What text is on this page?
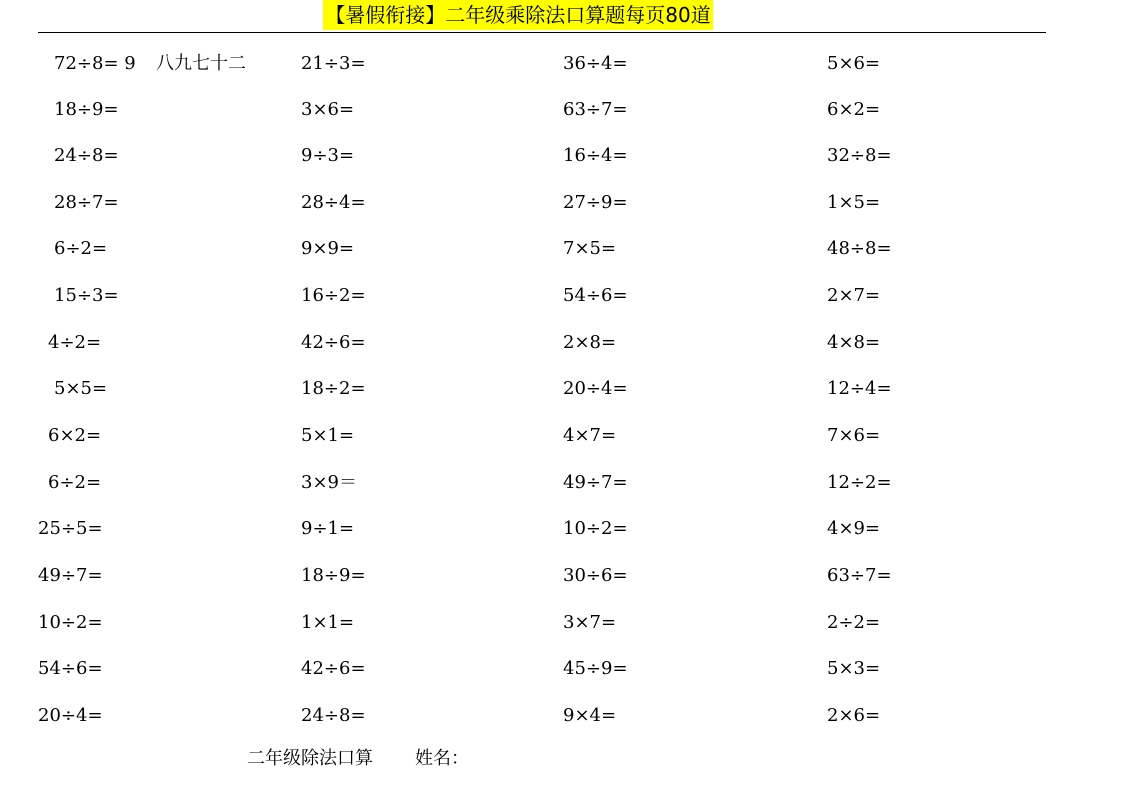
【暑假衔接】二年级乘除法口算题每页80道
72÷8= 9	21÷3=	36÷4=	5×6=
八九七十二
18÷9=	3×6=	63÷7=	6×2=
24÷8=	9÷3=	16÷4=	32÷8=
28÷7=	28÷4=	27÷9=	1×5=
6÷2=	9×9=	7×5=	48÷8=
15÷3=	16÷2=	54÷6=	2×7=
4÷2=	42÷6=	2×8=	4×8=
5×5=	18÷2=	20÷4=	12÷4=
6×2=	5×1=	4×7=	7×6=
6÷2=	3×9＝	49÷7=	12÷2=
25÷5=	9÷1=	10÷2=	4×9=
49÷7=	18÷9=	30÷6=	63÷7=
10÷2=	1×1=	3×7=	2÷2=
54÷6=	42÷6=	45÷9=	5×3=
20÷4=	24÷8=	9×4=	2×6=
二年级除法口算 姓名：
